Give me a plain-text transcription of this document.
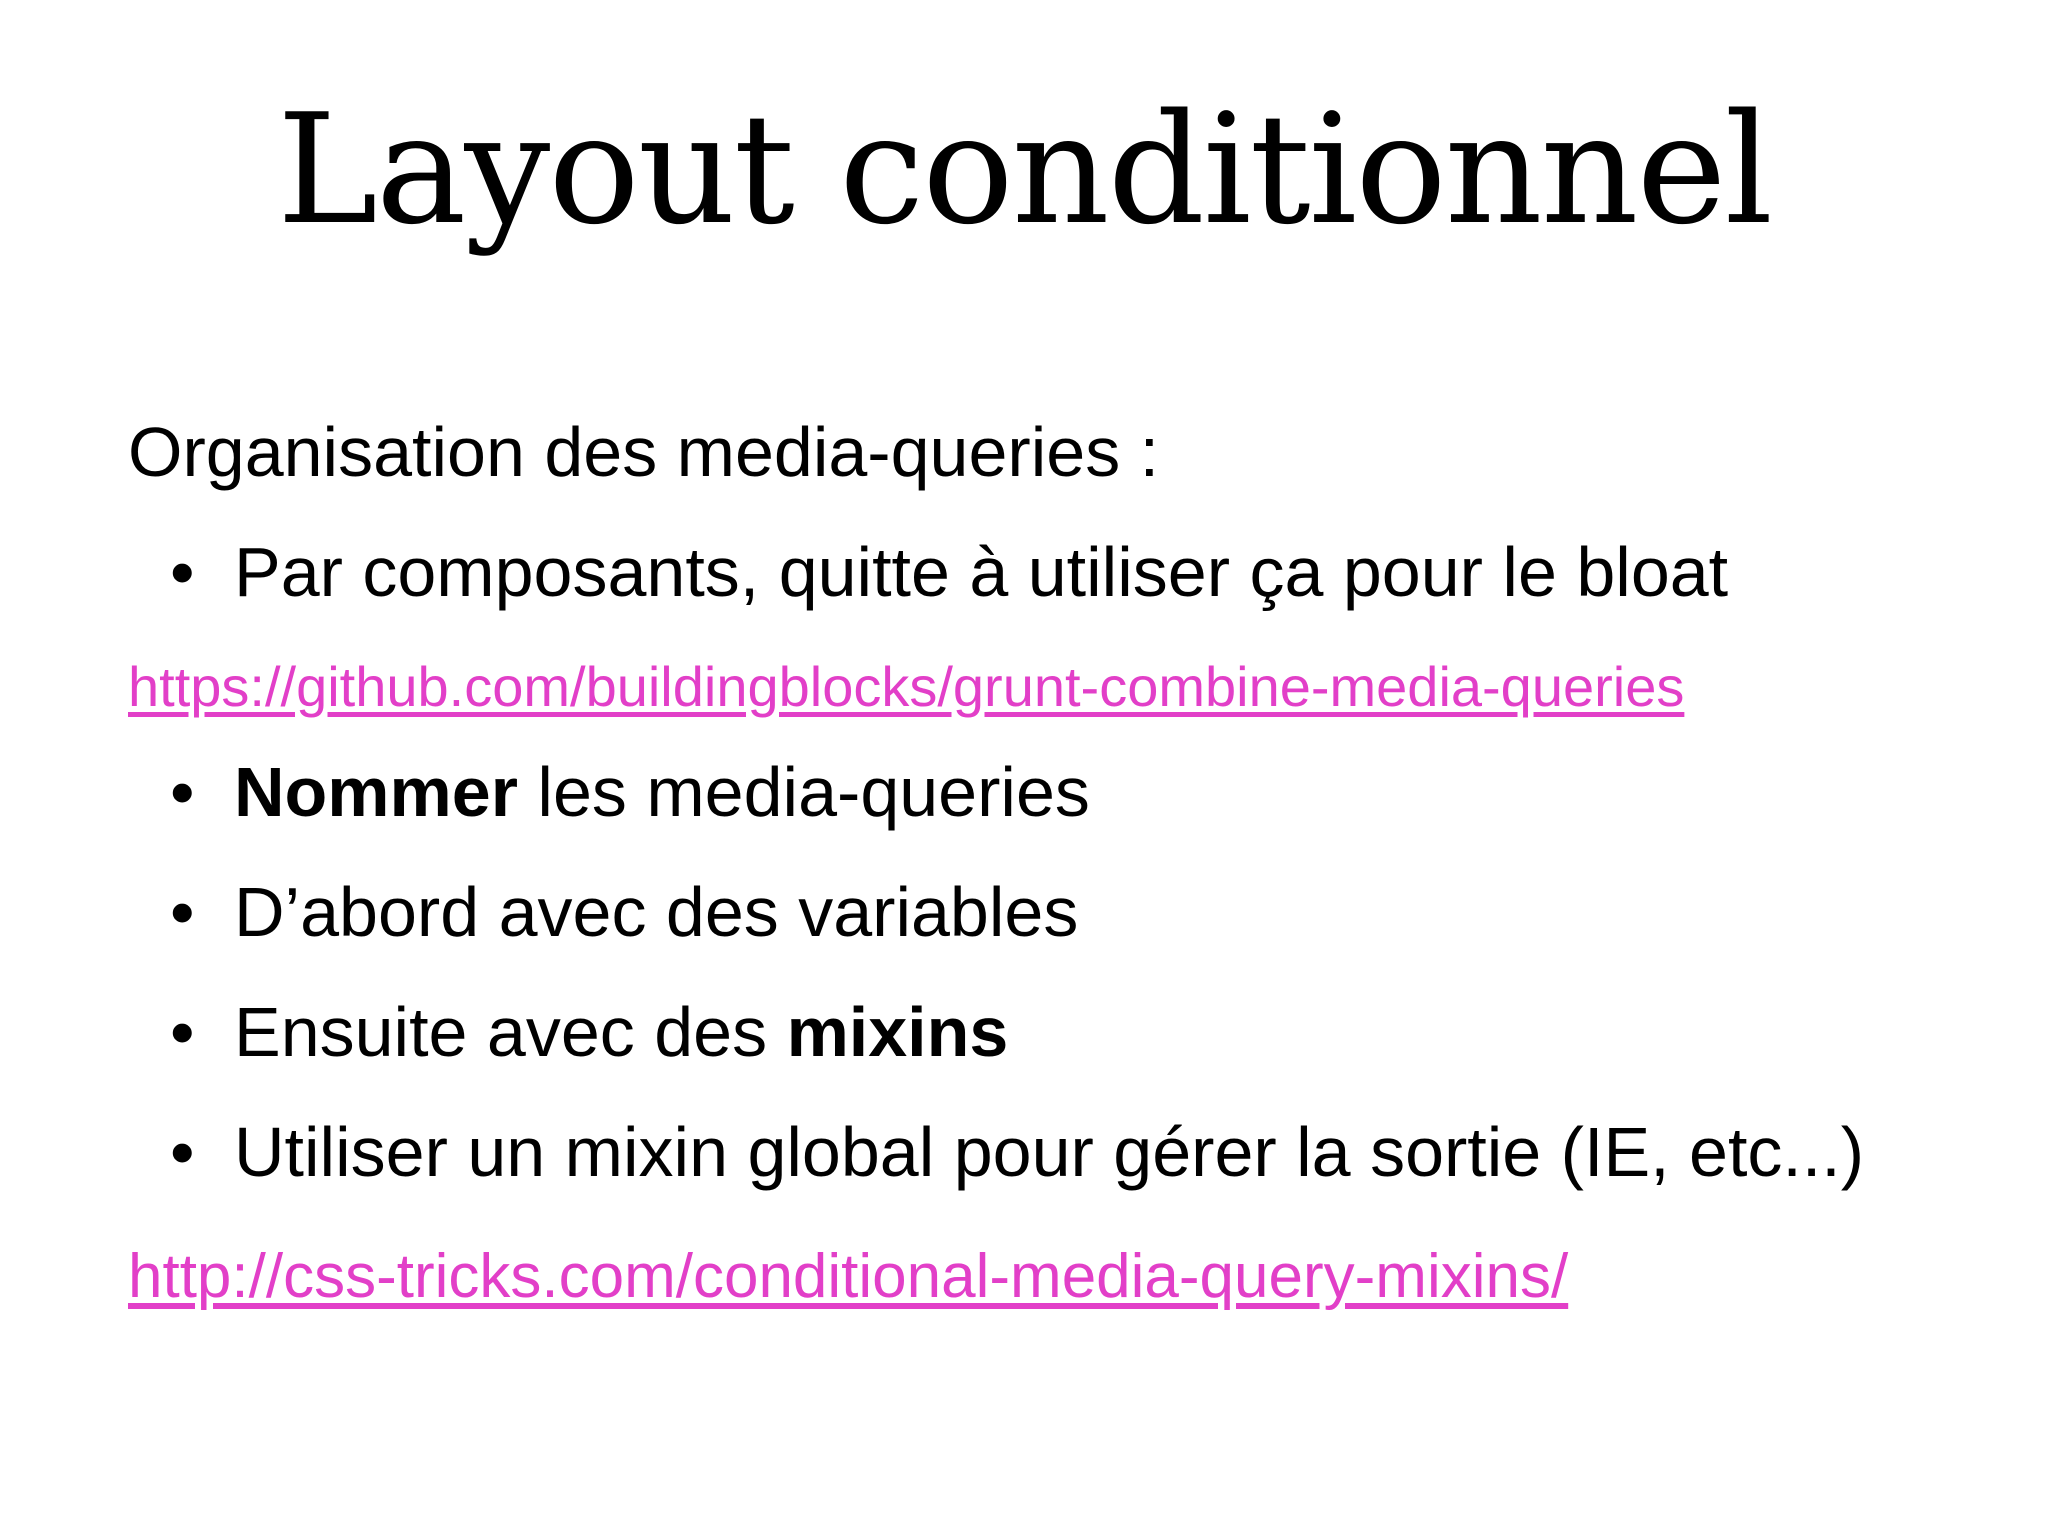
Layout conditionnel
Organisation des media-queries :
• Par composants, quitte à utiliser ça pour le bloat
https://github.com/buildingblocks/grunt-combine-media-queries
• Nommer les media-queries
• D’abord avec des variables
• Ensuite avec des mixins
• Utiliser un mixin global pour gérer la sortie (IE, etc...)
http://css-tricks.com/conditional-media-query-mixins/
